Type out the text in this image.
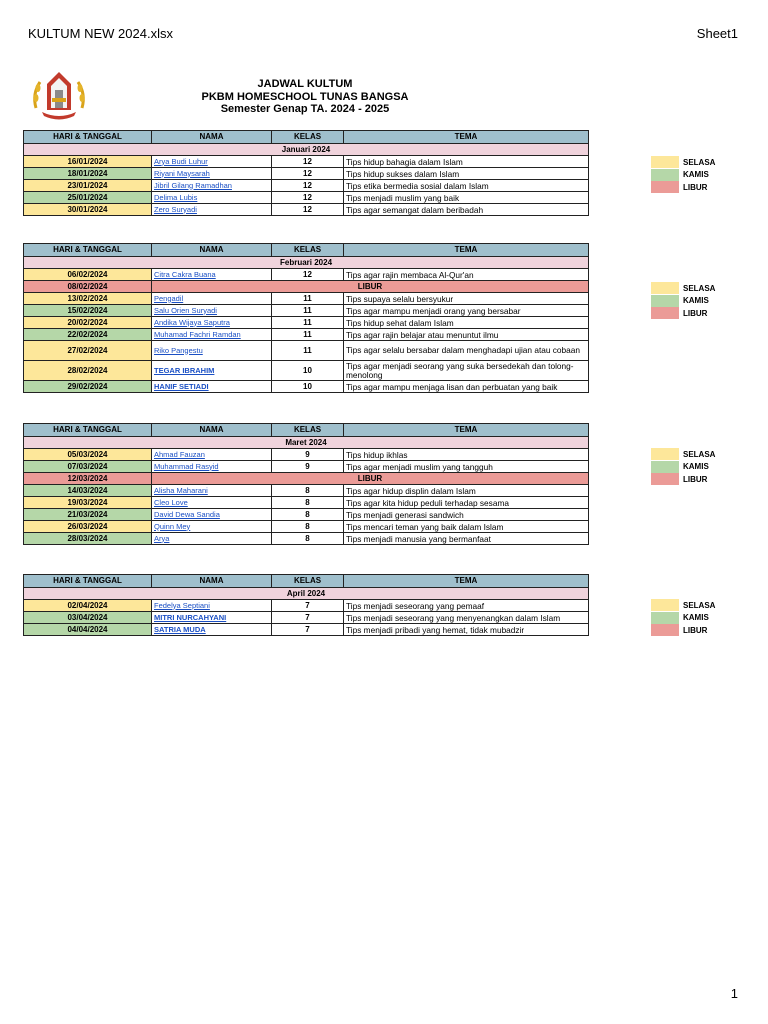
KULTUM NEW 2024.xlsx	Sheet1
JADWAL KULTUM
PKBM HOMESCHOOL TUNAS BANGSA
Semester Genap TA. 2024 - 2025
HARI & TANGGAL	NAMA	KELAS	TEMA
Januari 2024			
16/01/2024	Arya Budi Luhur	12	Tips hidup bahagia dalam Islam
18/01/2024	Riyani Maysarah	12	Tips hidup sukses dalam Islam
23/01/2024	Jibril Gilang Ramadhan	12	Tips etika bermedia sosial dalam Islam
25/01/2024	Delima Lubis	12	Tips menjadi muslim yang baik
30/01/2024	Zero Suryadi	12	Tips agar semangat dalam beribadah
SELASA
KAMIS
LIBUR
HARI & TANGGAL	NAMA	KELAS	TEMA
Februari 2024			
06/02/2024	Citra Cakra Buana	12	Tips agar rajin membaca Al-Qur'an
08/02/2024	LIBUR		
13/02/2024	Pengadil	11	Tips supaya selalu bersyukur
15/02/2024	Salu Orien Suryadi	11	Tips agar mampu menjadi orang yang bersabar
20/02/2024	Andika Wijaya Saputra	11	Tips hidup sehat dalam Islam
22/02/2024	Muhamad Fachri Ramdan	11	Tips agar rajin belajar atau menuntut ilmu
27/02/2024	Riko Pangestu	11	Tips agar selalu bersabar dalam menghadapi ujian atau cobaan
28/02/2024	TEGAR IBRAHIM	10	Tips agar menjadi seorang yang suka bersedekah dan tolong-menolong
29/02/2024	HANIF SETIADI	10	Tips agar mampu menjaga lisan dan perbuatan yang baik
SELASA
KAMIS
LIBUR
HARI & TANGGAL	NAMA	KELAS	TEMA
Maret 2024			
05/03/2024	Ahmad Fauzan	9	Tips hidup ikhlas
07/03/2024	Muhammad Rasyid	9	Tips agar menjadi muslim yang tangguh
12/03/2024	LIBUR		
14/03/2024	Alisha Maharani	8	Tips agar hidup displin dalam Islam
19/03/2024	Cleo Love	8	Tips agar kita hidup peduli terhadap sesama
21/03/2024	David Dewa Sandia	8	Tips menjadi generasi sandwich
26/03/2024	Quinn Mey	8	Tips mencari teman yang baik dalam Islam
28/03/2024	Arya	8	Tips menjadi manusia yang bermanfaat
SELASA
KAMIS
LIBUR
HARI & TANGGAL	NAMA	KELAS	TEMA
April 2024			
02/04/2024	Fedelya Septiani	7	Tips menjadi seseorang yang pemaaf
03/04/2024	MITRI NURCAHYANI	7	Tips menjadi seseorang yang menyenangkan dalam Islam
04/04/2024	SATRIA MUDA	7	Tips menjadi pribadi yang hemat, tidak mubadzir
SELASA
KAMIS
LIBUR
1
